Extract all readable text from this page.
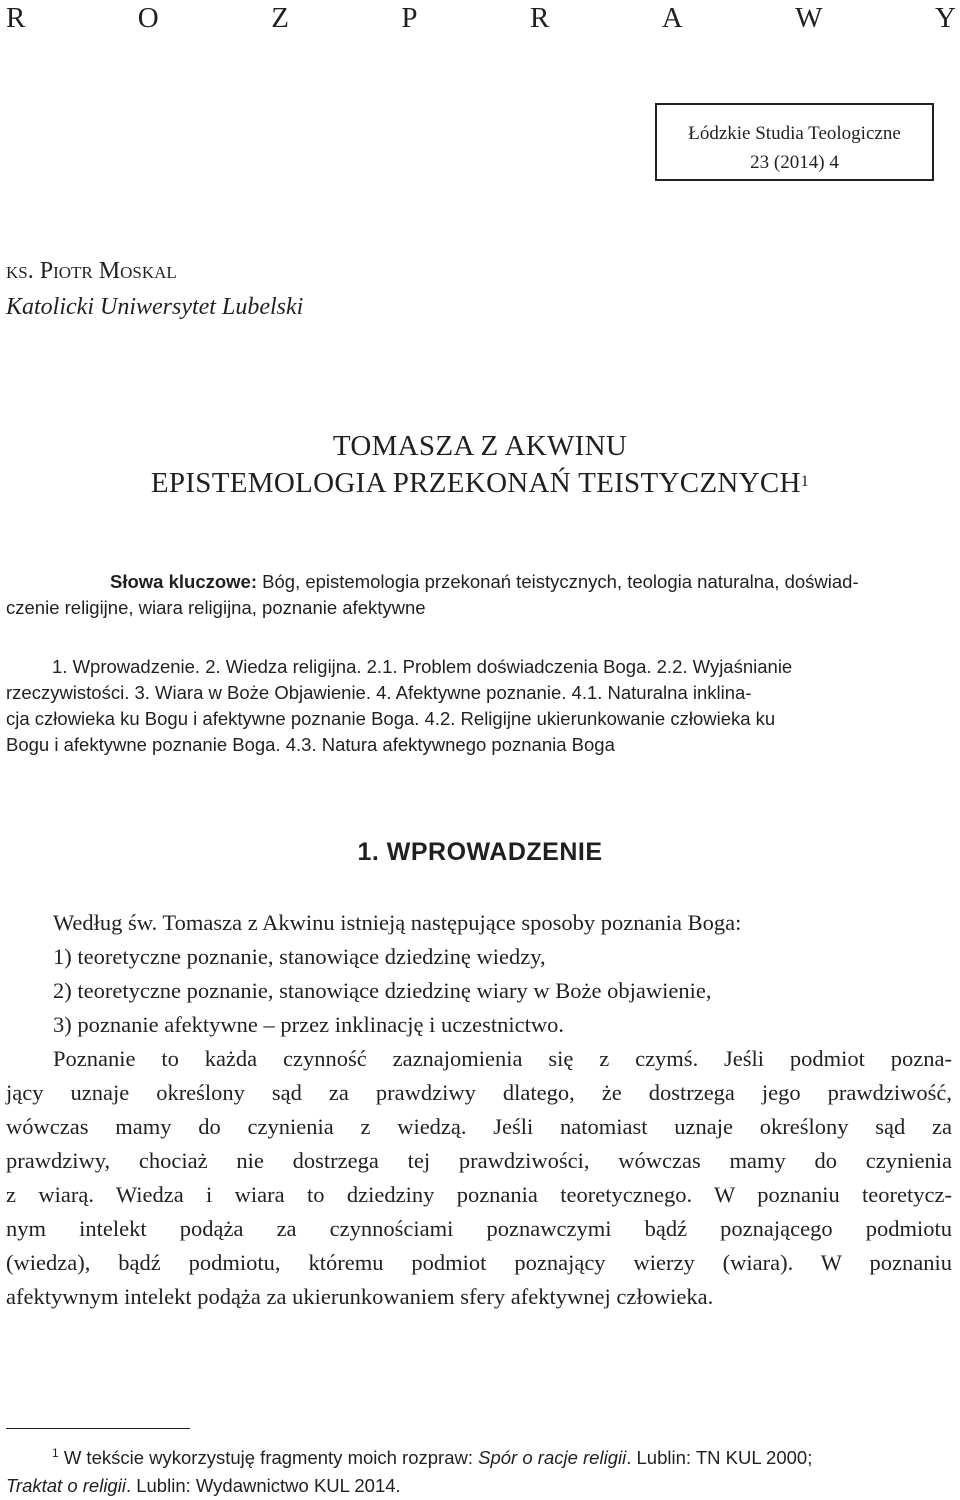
R	O	Z	P	R	A	W	Y
Łódzkie Studia Teologiczne
23 (2014) 4
ks. Piotr Moskal
Katolicki Uniwersytet Lubelski
TOMASZA Z AKWINU
EPISTEMOLOGIA PRZEKONAŃ TEISTYCZNYCH$^1$
Słowa kluczowe: Bóg, epistemologia przekonań teistycznych, teologia naturalna, doświad-
czenie religijne, wiara religijna, poznanie afektywne
1. Wprowadzenie. 2. Wiedza religijna. 2.1. Problem doświadczenia Boga. 2.2. Wyjaśnianie
rzeczywistości. 3. Wiara w Boże Objawienie. 4. Afektywne poznanie. 4.1. Naturalna inklina-
cja człowieka ku Bogu i afektywne poznanie Boga. 4.2. Religijne ukierunkowanie człowieka ku
Bogu i afektywne poznanie Boga. 4.3. Natura afektywnego poznania Boga
1. WPROWADZENIE
Według św. Tomasza z Akwinu istnieją następujące sposoby poznania Boga:
1) teoretyczne poznanie, stanowiące dziedzinę wiedzy,
2) teoretyczne poznanie, stanowiące dziedzinę wiary w Boże objawienie,
3) poznanie afektywne – przez inklinację i uczestnictwo.
Poznanie to każda czynność zaznajomienia się z czymś. Jeśli podmiot pozna-
jący uznaje określony sąd za prawdziwy dlatego, że dostrzega jego prawdziwość,
wówczas mamy do czynienia z wiedzą. Jeśli natomiast uznaje określony sąd za
prawdziwy, chociaż nie dostrzega tej prawdziwości, wówczas mamy do czynienia
z wiarą. Wiedza i wiara to dziedziny poznania teoretycznego. W poznaniu teoretycz-
nym intelekt podąża za czynnościami poznawczymi bądź poznającego podmiotu
(wiedza), bądź podmiotu, któremu podmiot poznający wierzy (wiara). W poznaniu
afektywnym intelekt podąża za ukierunkowaniem sfery afektywnej człowieka.
$^1$ W tekście wykorzystuję fragmenty moich rozpraw: Spór o racje religii. Lublin: TN KUL 2000;
Traktat o religii. Lublin: Wydawnictwo KUL 2014.
